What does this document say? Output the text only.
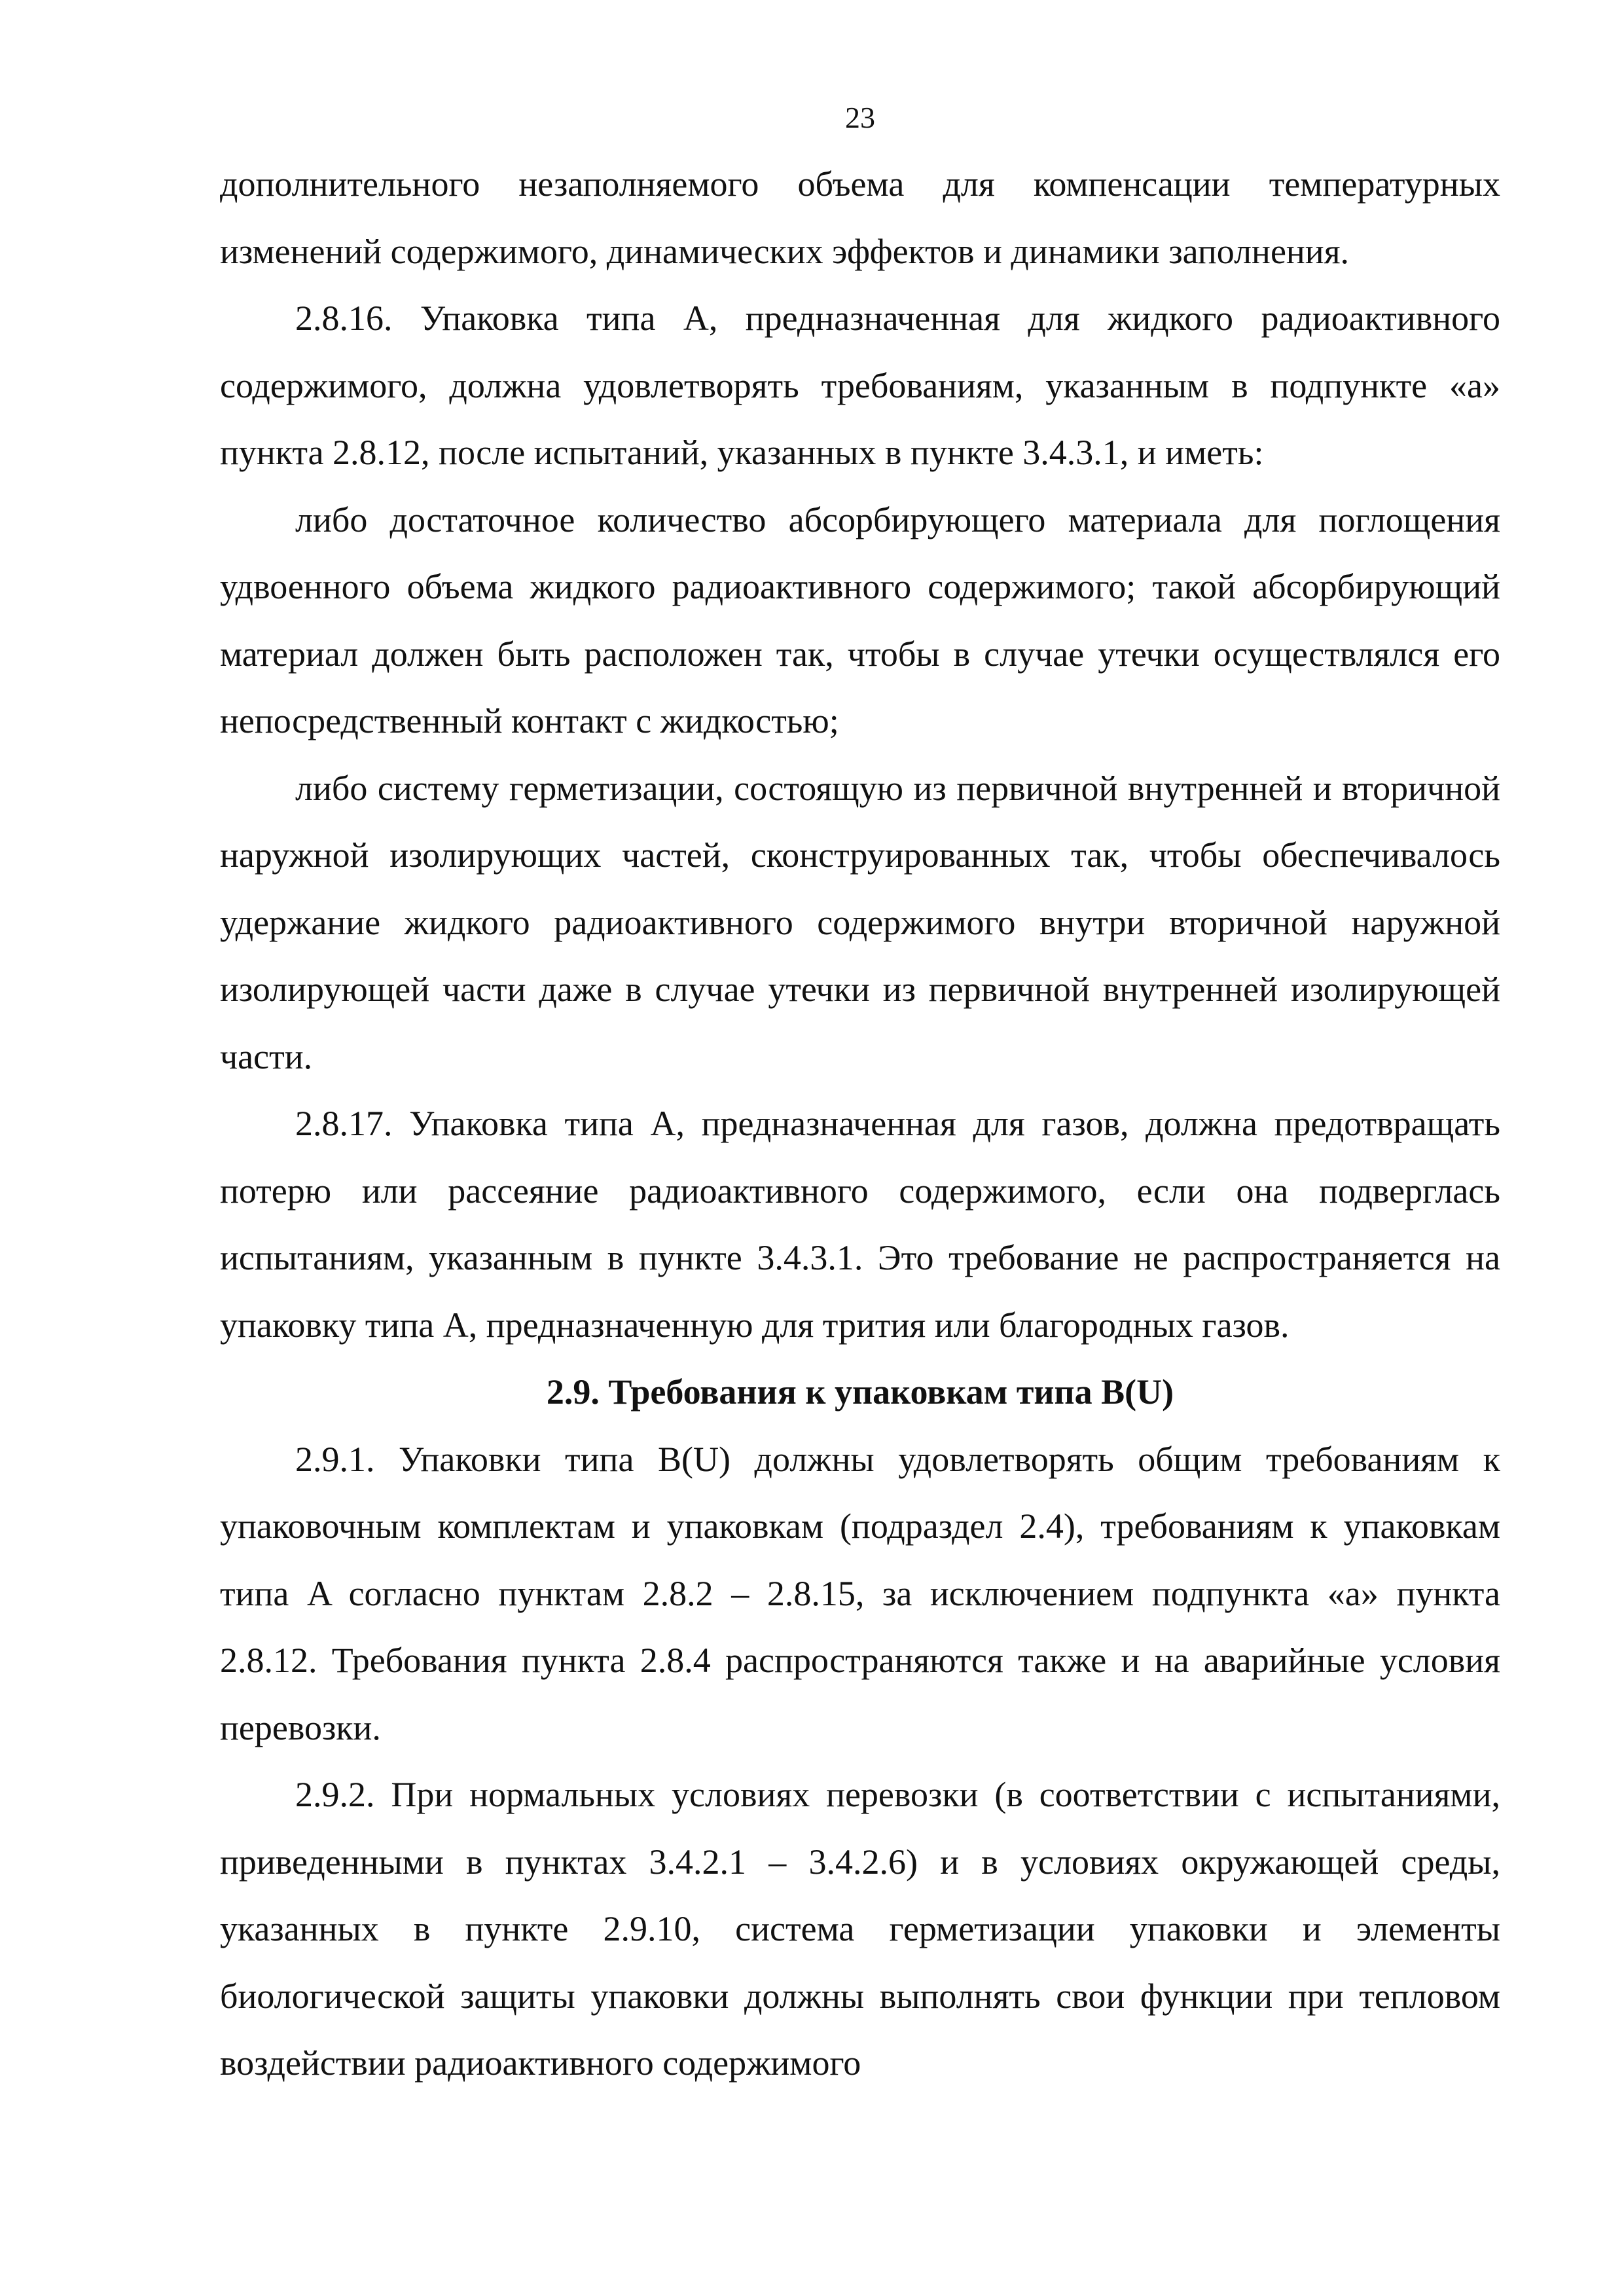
23

дополнительного незаполняемого объема для компенсации температурных изменений содержимого, динамических эффектов и динамики заполнения.

2.8.16. Упаковка типа A, предназначенная для жидкого радиоактивного содержимого, должна удовлетворять требованиям, указанным в подпункте «а» пункта 2.8.12, после испытаний, указанных в пункте 3.4.3.1, и иметь:

либо достаточное количество абсорбирующего материала для поглощения удвоенного объема жидкого радиоактивного содержимого; такой абсорбирующий материал должен быть расположен так, чтобы в случае утечки осуществлялся его непосредственный контакт с жидкостью;

либо систему герметизации, состоящую из первичной внутренней и вторичной наружной изолирующих частей, сконструированных так, чтобы обеспечивалось удержание жидкого радиоактивного содержимого внутри вторичной наружной изолирующей части даже в случае утечки из первичной внутренней изолирующей части.

2.8.17. Упаковка типа A, предназначенная для газов, должна предотвращать потерю или рассеяние радиоактивного содержимого, если она подверглась испытаниям, указанным в пункте 3.4.3.1. Это требование не распространяется на упаковку типа A, предназначенную для трития или благородных газов.

2.9. Требования к упаковкам типа B(U)

2.9.1. Упаковки типа B(U) должны удовлетворять общим требованиям к упаковочным комплектам и упаковкам (подраздел 2.4), требованиям к упаковкам типа A согласно пунктам 2.8.2 – 2.8.15, за исключением подпункта «а» пункта 2.8.12. Требования пункта 2.8.4 распространяются также и на аварийные условия перевозки.

2.9.2. При нормальных условиях перевозки (в соответствии с испытаниями, приведенными в пунктах 3.4.2.1 – 3.4.2.6) и в условиях окружающей среды, указанных в пункте 2.9.10, система герметизации упаковки и элементы биологической защиты упаковки должны выполнять свои функции при тепловом воздействии радиоактивного содержимого
